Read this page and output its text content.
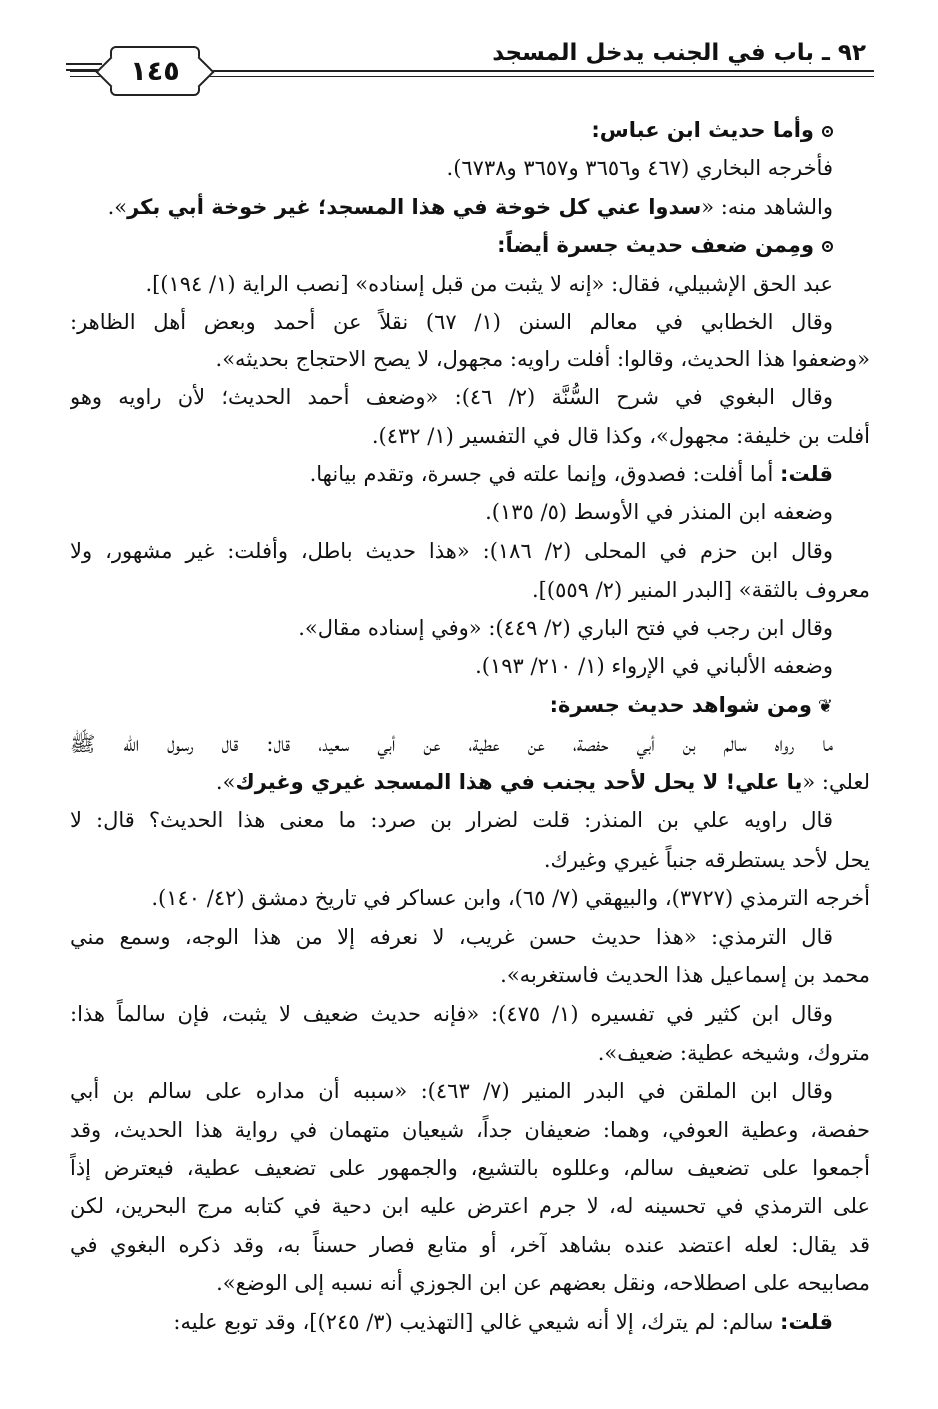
٩٢ ـ باب في الجنب يدخل المسجد
١٤٥
وأما حديث ابن عباس:
فأخرجه البخاري (٤٦٧ و٣٦٥٦ و٣٦٥٧ و٦٧٣٨).
والشاهد منه: «سدوا عني كل خوخة في هذا المسجد؛ غير خوخة أبي بكر».
ومِمن ضعف حديث جسرة أيضاً:
عبد الحق الإشبيلي، فقال: «إنه لا يثبت من قبل إسناده» [نصب الراية (١/ ١٩٤)].
وقال الخطابي في معالم السنن (١/ ٦٧) نقلاً عن أحمد وبعض أهل الظاهر:
«وضعفوا هذا الحديث، وقالوا: أفلت راويه: مجهول، لا يصح الاحتجاج بحديثه».
وقال البغوي في شرح السُّنَّة (٢/ ٤٦): «وضعف أحمد الحديث؛ لأن راويه وهو
أفلت بن خليفة: مجهول»، وكذا قال في التفسير (١/ ٤٣٢).
قلت: أما أفلت: فصدوق، وإنما علته في جسرة، وتقدم بيانها.
وضعفه ابن المنذر في الأوسط (٥/ ١٣٥).
وقال ابن حزم في المحلى (٢/ ١٨٦): «هذا حديث باطل، وأفلت: غير مشهور، ولا
معروف بالثقة» [البدر المنير (٢/ ٥٥٩)].
وقال ابن رجب في فتح الباري (٢/ ٤٤٩): «وفي إسناده مقال».
وضعفه الألباني في الإرواء (١/ ٢١٠/ ١٩٣).
❦ومن شواهد حديث جسرة:
ما رواه سالم بن أبي حفصة، عن عطية، عن أبي سعيد، قال: قال رسول الله ﷺ
لعلي: «يا علي! لا يحل لأحد يجنب في هذا المسجد غيري وغيرك».
قال راويه علي بن المنذر: قلت لضرار بن صرد: ما معنى هذا الحديث؟ قال: لا
يحل لأحد يستطرقه جنباً غيري وغيرك.
أخرجه الترمذي (٣٧٢٧)، والبيهقي (٧/ ٦٥)، وابن عساكر في تاريخ دمشق (٤٢/ ١٤٠).
قال الترمذي: «هذا حديث حسن غريب، لا نعرفه إلا من هذا الوجه، وسمع مني
محمد بن إسماعيل هذا الحديث فاستغربه».
وقال ابن كثير في تفسيره (١/ ٤٧٥): «فإنه حديث ضعيف لا يثبت، فإن سالماً هذا:
متروك، وشيخه عطية: ضعيف».
وقال ابن الملقن في البدر المنير (٧/ ٤٦٣): «سببه أن مداره على سالم بن أبي
حفصة، وعطية العوفي، وهما: ضعيفان جداً، شيعيان متهمان في رواية هذا الحديث، وقد
أجمعوا على تضعيف سالم، وعللوه بالتشيع، والجمهور على تضعيف عطية، فيعترض إذاً
على الترمذي في تحسينه له، لا جرم اعترض عليه ابن دحية في كتابه مرج البحرين، لكن
قد يقال: لعله اعتضد عنده بشاهد آخر، أو متابع فصار حسناً به، وقد ذكره البغوي في
مصابيحه على اصطلاحه، ونقل بعضهم عن ابن الجوزي أنه نسبه إلى الوضع».
قلت: سالم: لم يترك، إلا أنه شيعي غالي [التهذيب (٣/ ٢٤٥)]، وقد توبع عليه:
